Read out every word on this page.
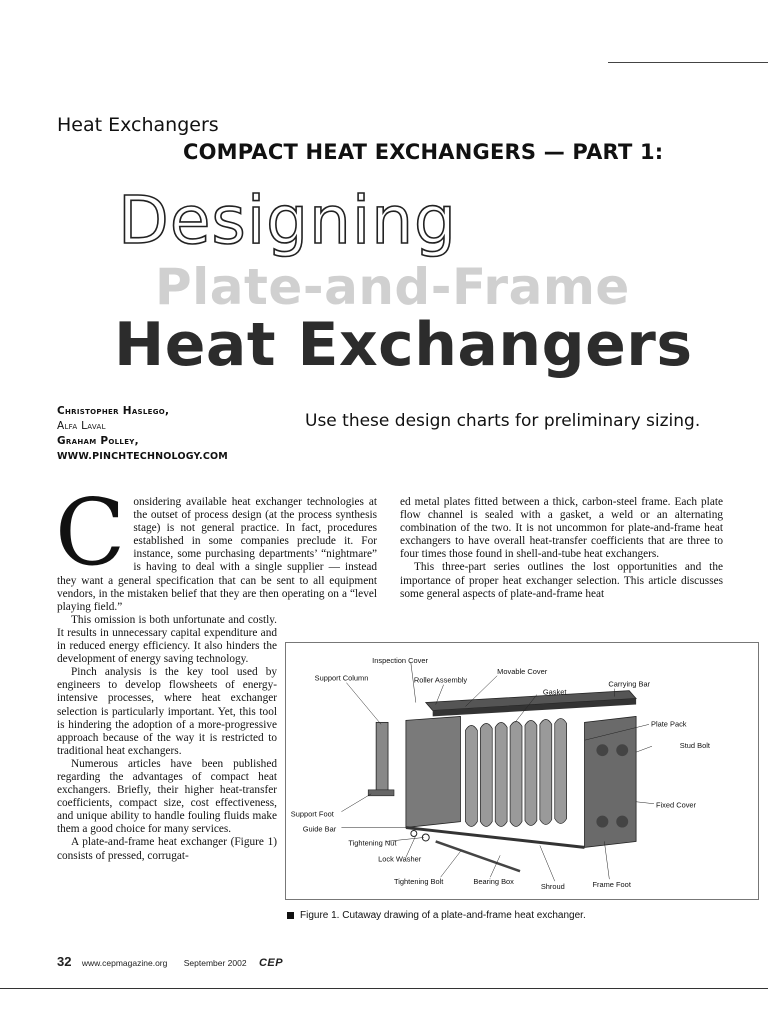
Heat Exchangers
COMPACT HEAT EXCHANGERS — PART 1:
Designing
Plate-and-Frame
Heat Exchangers
Christopher Haslego,
Alfa Laval
Graham Polley,
WWW.PINCHTECHNOLOGY.COM
Use these design charts for preliminary sizing.

Considering available heat exchanger technologies at the outset of process design (at the process synthesis stage) is not general practice. In fact, procedures established in some companies preclude it. For instance, some purchasing departments’ “nightmare” is having to deal with a single supplier — instead they want a general specification that can be sent to all equipment vendors, in the mistaken belief that they are then operating on a “level playing field.”

This omission is both unfortunate and costly. It results in unnecessary capital expenditure and in reduced energy efficiency. It also hinders the development of energy saving technology.

Pinch analysis is the key tool used by engineers to develop flowsheets of energy-intensive processes, where heat exchanger selection is particularly important. Yet, this tool is hindering the adoption of a more-progressive approach because of the way it is restricted to traditional heat exchangers.

Numerous articles have been published regarding the advantages of compact heat exchangers. Briefly, their higher heat-transfer coefficients, compact size, cost effectiveness, and unique ability to handle fouling fluids make them a good choice for many services.

A plate-and-frame heat exchanger (Figure 1) consists of pressed, corrugat-

ed metal plates fitted between a thick, carbon-steel frame. Each plate flow channel is sealed with a gasket, a weld or an alternating combination of the two. It is not uncommon for plate-and-frame heat exchangers to have overall heat-transfer coefficients that are three to four times those found in shell-and-tube heat exchangers.

This three-part series outlines the lost opportunities and the importance of proper heat exchanger selection. This article discusses some general aspects of plate-and-frame heat

Inspection Cover
Movable Cover
Support Column	Roller Assembly	Carrying Bar
Gasket
Plate Pack
Stud Bolt
Fixed Cover
Support Foot
Guide Bar
Tightening Nut
Lock Washer
Tightening Bolt	Bearing Box
Shroud	Frame Foot
Figure 1. Cutaway drawing of a plate-and-frame heat exchanger.
32 www.cepmagazine.org September 2002 CEP
